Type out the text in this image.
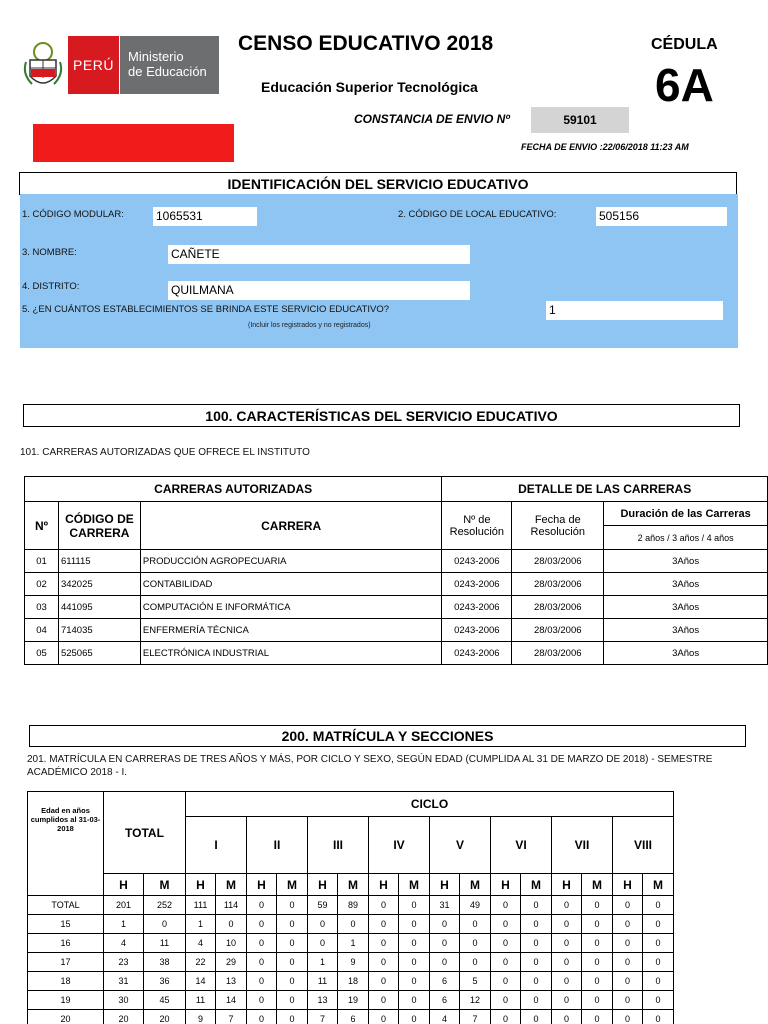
PERÚ
Ministerio
de Educación
CENSO EDUCATIVO 2018
Educación Superior Tecnológica
CÉDULA
6A
CONSTANCIA DE ENVIO Nº	59101
FECHA DE ENVIO :22/06/2018 11:23 AM
IDENTIFICACIÓN DEL SERVICIO EDUCATIVO
1. CÓDIGO MODULAR:	1065531	2. CÓDIGO DE LOCAL EDUCATIVO:	505156
3. NOMBRE:	CAÑETE
4. DISTRITO:	QUILMANA
5. ¿EN CUÁNTOS ESTABLECIMIENTOS SE BRINDA ESTE SERVICIO EDUCATIVO?	1
(Incluir los registrados y no registrados)
100. CARACTERÍSTICAS DEL SERVICIO EDUCATIVO
101. CARRERAS AUTORIZADAS QUE OFRECE EL INSTITUTO
CARRERAS AUTORIZADAS			DETALLE DE LAS CARRERAS		
Nº	CÓDIGO DE CARRERA	CARRERA	Nº de Resolución	Fecha de Resolución	Duración de las Carreras
					2 años / 3 años / 4 años
01	611115	PRODUCCIÓN AGROPECUARIA	0243-2006	28/03/2006	3Años
02	342025	CONTABILIDAD	0243-2006	28/03/2006	3Años
03	441095	COMPUTACIÓN E INFORMÁTICA	0243-2006	28/03/2006	3Años
04	714035	ENFERMERÍA TÉCNICA	0243-2006	28/03/2006	3Años
05	525065	ELECTRÓNICA INDUSTRIAL	0243-2006	28/03/2006	3Años
200. MATRÍCULA Y SECCIONES
201. MATRÍCULA EN CARRERAS DE TRES AÑOS Y MÁS, POR CICLO Y SEXO, SEGÚN EDAD (CUMPLIDA AL 31 DE MARZO DE 2018) - SEMESTRE ACADÉMICO 2018 - I.
Edad en años cumplidos al 31-03-2018	TOTAL		CICLO															
			I		II		III		IV		V		VI		VII		VIII	
	H	M	H	M	H	M	H	M	H	M	H	M	H	M	H	M	H	M
TOTAL	201	252	111	114	0	0	59	89	0	0	31	49	0	0	0	0	0	0
15	1	0	1	0	0	0	0	0	0	0	0	0	0	0	0	0	0	0
16	4	11	4	10	0	0	0	1	0	0	0	0	0	0	0	0	0	0
17	23	38	22	29	0	0	1	9	0	0	0	0	0	0	0	0	0	0
18	31	36	14	13	0	0	11	18	0	0	6	5	0	0	0	0	0	0
19	30	45	11	14	0	0	13	19	0	0	6	12	0	0	0	0	0	0
20	20	20	9	7	0	0	7	6	0	0	4	7	0	0	0	0	0	0
